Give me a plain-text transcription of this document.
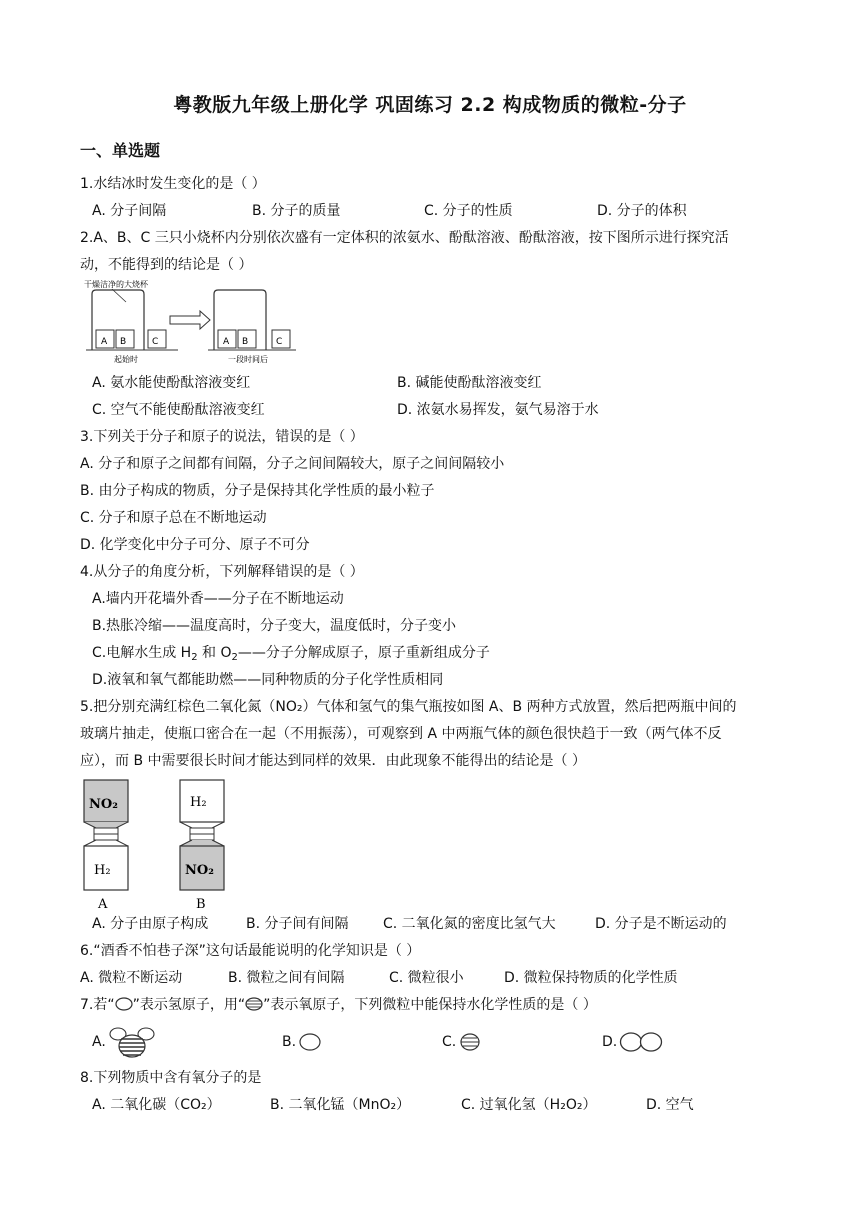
粤教版九年级上册化学 巩固练习 2.2 构成物质的微粒-分子
一、单选题
1.水结冰时发生变化的是（ ）
A. 分子间隔	B. 分子的质量	C. 分子的性质	D. 分子的体积
2.A、B、C 三只小烧杯内分别依次盛有一定体积的浓氨水、酚酞溶液、酚酞溶液，按下图所示进行探究活
动，不能得到的结论是（ ）
干燥洁净的大烧杯
A B	C
起始时
A B	C
一段时间后
A. 氨水能使酚酞溶液变红	B. 碱能使酚酞溶液变红
C. 空气不能使酚酞溶液变红	D. 浓氨水易挥发，氨气易溶于水
3.下列关于分子和原子的说法，错误的是（ ）
A. 分子和原子之间都有间隔，分子之间间隔较大，原子之间间隔较小
B. 由分子构成的物质，分子是保持其化学性质的最小粒子
C. 分子和原子总在不断地运动
D. 化学变化中分子可分、原子不可分
4.从分子的角度分析，下列解释错误的是（ ）
A.墙内开花墙外香——分子在不断地运动
B.热胀冷缩——温度高时，分子变大，温度低时，分子变小
C.电解水生成 $H_2$ 和 $O_2——$分子分解成原子，原子重新组成分子
D.液氧和氧气都能助燃——同种物质的分子化学性质相同
5.把分别充满红棕色二氧化氮（NO₂）气体和氢气的集气瓶按如图 A、B 两种方式放置，然后把两瓶中间的
玻璃片抽走，使瓶口密合在一起（不用振荡），可观察到 A 中两瓶气体的颜色很快趋于一致（两气体不反
应），而 B 中需要很长时间才能达到同样的效果．由此现象不能得出的结论是（ ）
NO₂
H₂
A
H₂
NO₂
B
A. 分子由原子构成	B. 分子间有间隔 C. 二氧化氮的密度比氢气大	D. 分子是不断运动的
6.“酒香不怕巷子深”这句话最能说明的化学知识是（ ）
A. 微粒不断运动	B. 微粒之间有间隔	C. 微粒很小	D. 微粒保持物质的化学性质
7.若“ ”表示氢原子，用“ ”表示氧原子，下列微粒中能保持水化学性质的是（ ）
A.	B.	C.	D.
8.下列物质中含有氧分子的是
A. 二氧化碳（CO₂）	B. 二氧化锰（MnO₂）	C. 过氧化氢（H₂O₂）	D. 空气
